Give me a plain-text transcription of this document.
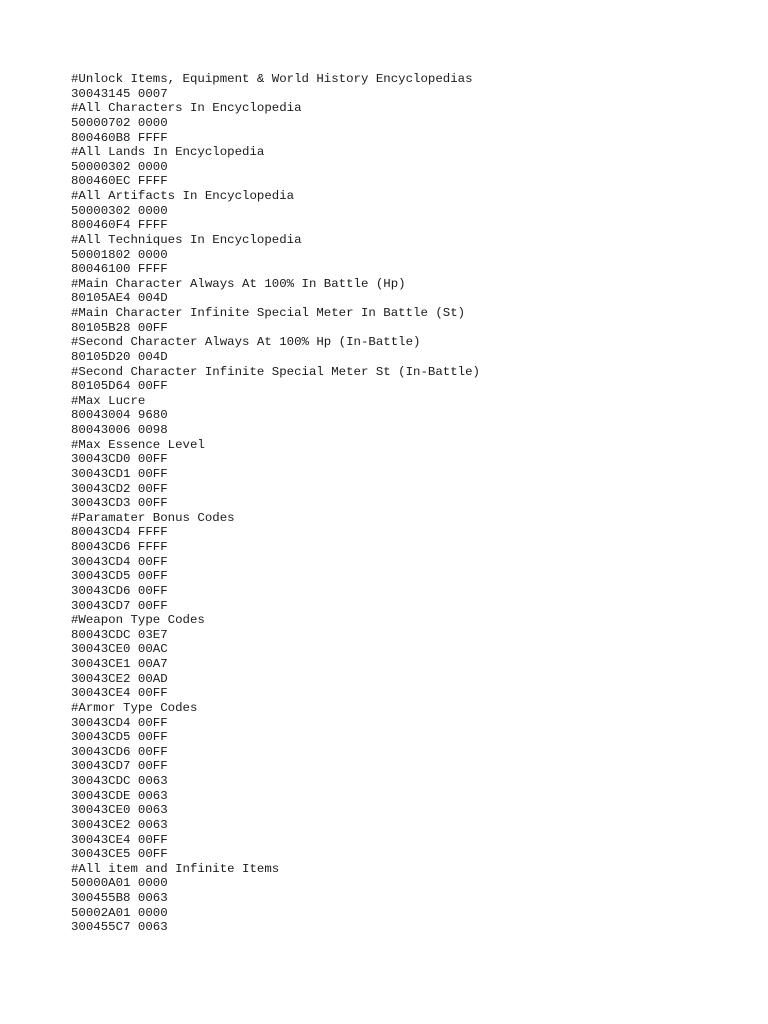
#Unlock Items, Equipment & World History Encyclopedias
30043145 0007
#All Characters In Encyclopedia
50000702 0000
800460B8 FFFF
#All Lands In Encyclopedia
50000302 0000
800460EC FFFF
#All Artifacts In Encyclopedia
50000302 0000
800460F4 FFFF
#All Techniques In Encyclopedia
50001802 0000
80046100 FFFF
#Main Character Always At 100% In Battle (Hp)
80105AE4 004D
#Main Character Infinite Special Meter In Battle (St)
80105B28 00FF
#Second Character Always At 100% Hp (In-Battle)
80105D20 004D
#Second Character Infinite Special Meter St (In-Battle)
80105D64 00FF
#Max Lucre
80043004 9680
80043006 0098
#Max Essence Level
30043CD0 00FF
30043CD1 00FF
30043CD2 00FF
30043CD3 00FF
#Paramater Bonus Codes
80043CD4 FFFF
80043CD6 FFFF
30043CD4 00FF
30043CD5 00FF
30043CD6 00FF
30043CD7 00FF
#Weapon Type Codes
80043CDC 03E7
30043CE0 00AC
30043CE1 00A7
30043CE2 00AD
30043CE4 00FF
#Armor Type Codes
30043CD4 00FF
30043CD5 00FF
30043CD6 00FF
30043CD7 00FF
30043CDC 0063
30043CDE 0063
30043CE0 0063
30043CE2 0063
30043CE4 00FF
30043CE5 00FF
#All item and Infinite Items
50000A01 0000
300455B8 0063
50002A01 0000
300455C7 0063
